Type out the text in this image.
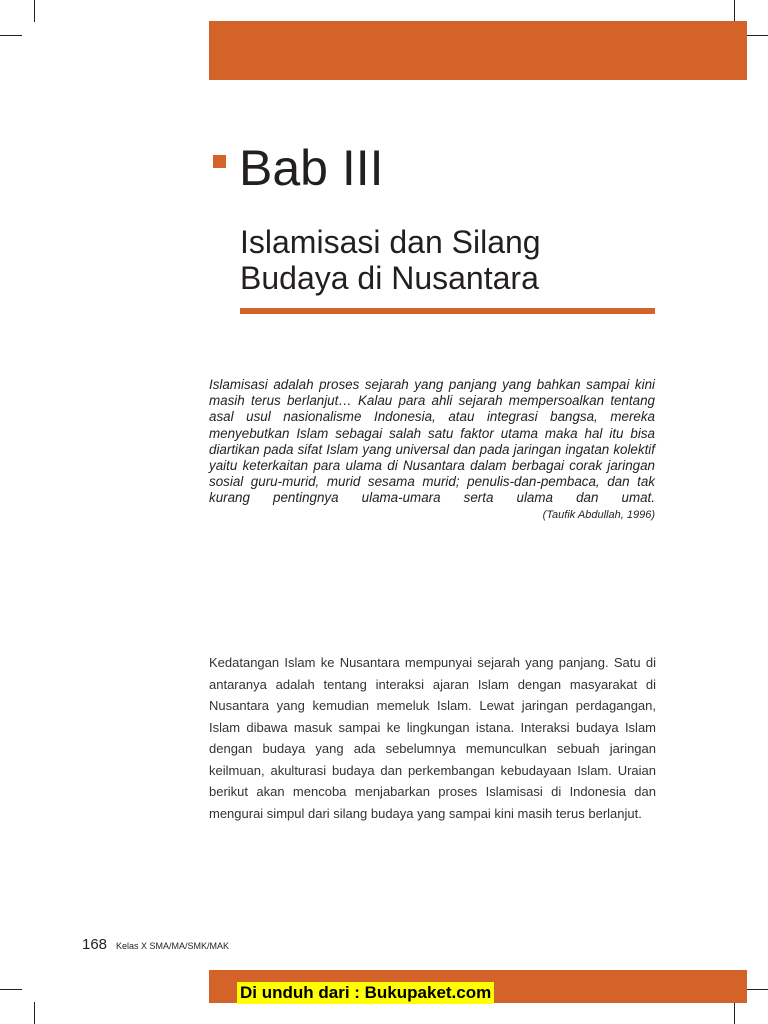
Bab III
Islamisasi dan Silang
Budaya di Nusantara

Islamisasi adalah proses sejarah yang panjang yang bahkan sampai kini masih terus berlanjut… Kalau para ahli sejarah mempersoalkan tentang asal usul nasionalisme Indonesia, atau integrasi bangsa, mereka menyebutkan Islam sebagai salah satu faktor utama maka hal itu bisa diartikan pada sifat Islam yang universal dan pada jaringan ingatan kolektif yaitu keterkaitan para ulama di Nusantara dalam berbagai corak jaringan sosial guru-murid, murid sesama murid; penulis-dan-pembaca, dan tak kurang pentingnya ulama-umara serta ulama dan umat.

(Taufik Abdullah, 1996)

Kedatangan Islam ke Nusantara mempunyai sejarah yang panjang. Satu di antaranya adalah tentang interaksi ajaran Islam dengan masyarakat di Nusantara yang kemudian memeluk Islam. Lewat jaringan perdagangan, Islam dibawa masuk sampai ke lingkungan istana. Interaksi budaya Islam dengan budaya yang ada sebelumnya memunculkan sebuah jaringan keilmuan, akulturasi budaya dan perkembangan kebudayaan Islam. Uraian berikut akan mencoba menjabarkan proses Islamisasi di Indonesia dan mengurai simpul dari silang budaya yang sampai kini masih terus berlanjut.

168 Kelas X SMA/MA/SMK/MAK
Di unduh dari : Bukupaket.com
